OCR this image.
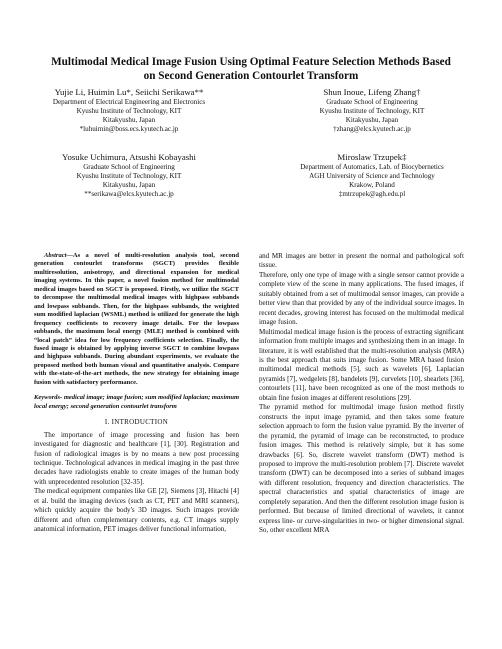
Multimodal Medical Image Fusion Using Optimal Feature Selection Methods Based
on Second Generation Contourlet Transform
Yujie Li, Huimin Lu*, Seiichi Serikawa**
Department of Electrical Engineering and Electronics
Kyushu Institute of Technology, KIT
Kitakyushu, Japan
*luhuimin@boss.ecs.kyutech.ac.jp
Shun Inoue, Lifeng Zhang†
Graduate School of Engineering
Kyushu Institute of Technology, KIT
Kitakyushu, Japan
†zhang@elcs.kyutech.ac.jp
Yosuke Uchimura, Atsushi Kobayashi
Graduate School of Engineering
Kyushu Institute of Technology, KIT
Kitakyushu, Japan
**serikawa@elcs.kyutech.ac.jp
Miroslaw Trzupek‡
Department of Automatics, Lab. of Biocybernetics
AGH University of Science and Technology
Krakow, Poland
‡mtrzupek@agh.edu.pl

Abstract—As a novel of multi-resolution analysis tool, second generation contourlet transforms (SGCT) provides flexible multiresolution, anisotropy, and directional expansion for medical imaging systems. In this paper, a novel fusion method for multimodal medical images based on SGCT is proposed. Firstly, we utilize the SGCT to decompose the multimodal medical images with highpass subbands and lowpass subbands. Then, for the highpass subbands, the weighted sum modified laplacian (WSML) method is utilized for generate the high frequency coefficients to recovery image details. For the lowpass subbands, the maximum local energy (MLE) method is combined with “local patch” idea for low frequency coefficients selection. Finally, the fused image is obtained by applying inverse SGCT to combine lowpass and highpass subbands. During abundant experiments, we evaluate the proposed method both human visual and quantitative analysis. Compare with the-state-of-the-art methods, the new strategy for obtaining image fusion with satisfactory performance.

Keywords- medical image; image fusion; sum modified laplacian; maximum local energy; second generation contourlet transform

I. INTRODUCTION

The importance of image processing and fusion has been investigated for diagnostic and healthcare [1], [30]. Registration and fusion of radiological images is by no means a new post processing technique. Technological advances in medical imaging in the past three decades have radiologists enable to create images of the human body with unprecedented resolution [32-35].

The medical equipment companies like GE [2], Siemens [3], Hitachi [4] et al. build the imaging devices (such as CT, PET and MRI scanners), which quickly acquire the body's 3D images. Such images provide different and often complementary contents, e.g. CT images supply anatomical information, PET images deliver functional information,

and MR images are better in present the normal and pathological soft tissue.

Therefore, only one type of image with a single sensor cannot provide a complete view of the scene in many applications. The fused images, if suitably obtained from a set of multimodal sensor images, can provide a better view than that provided by any of the individual source images. In recent decades, growing interest has focused on the multimodal medical image fusion.

Multimodal medical image fusion is the process of extracting significant information from multiple images and synthesizing them in an image. In literature, it is well established that the multi-resolution analysis (MRA) is the best approach that suits image fusion. Some MRA based fusion multimodal medical methods [5], such as wavelets [6], Laplacian pyramids [7], wedgelets [8], bandelets [9], curvelets [10], shearlets [36], contourlets [11], have been recognized as one of the most methods to obtain fine fusion images at different resolutions [29].

The pyramid method for multimodal image fusion method firstly constructs the input image pyramid, and then takes some feature selection approach to form the fusion value pyramid. By the inverter of the pyramid, the pyramid of image can be reconstructed, to produce fusion images. This method is relatively simple, but it has some drawbacks [6]. So, discrete wavelet transform (DWT) method is proposed to improve the multi-resolution problem [7]. Discrete wavelet transform (DWT) can be decomposed into a series of subband images with different resolution, frequency and direction characteristics. The spectral characteristics and spatial characteristics of image are completely separation. And then the different resolution image fusion is performed. But because of limited directional of wavelets, it cannot express line- or curve-singularities in two- or higher dimensional signal. So, other excellent MRA
